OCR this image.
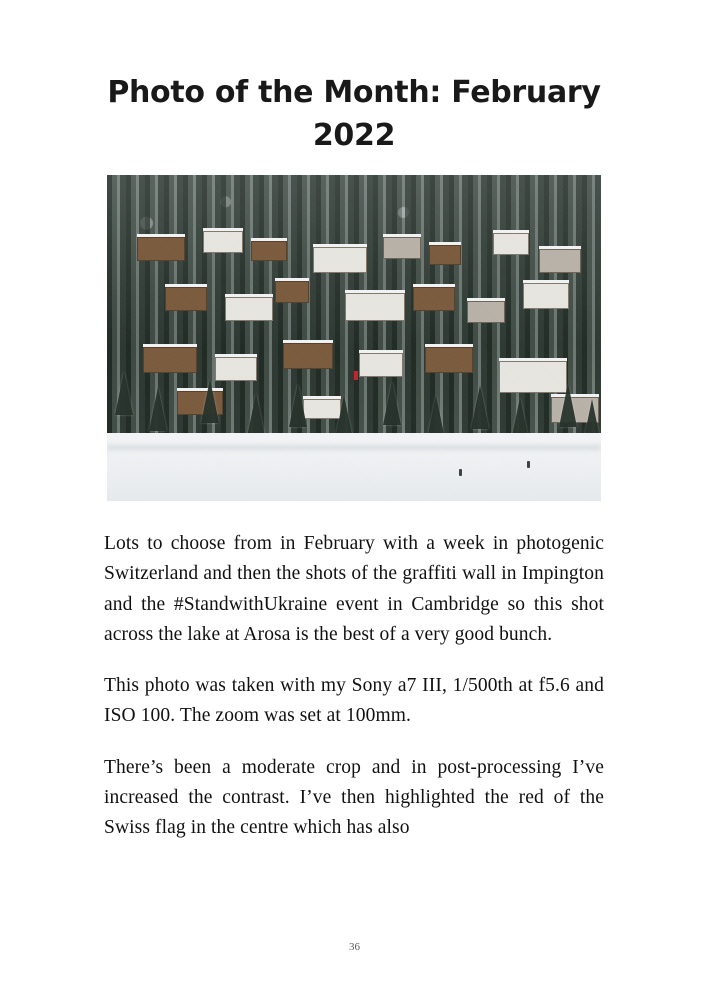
Photo of the Month: February 2022

Lots to choose from in February with a week in photogenic Switzerland and then the shots of the graffiti wall in Impington and the #StandwithUkraine event in Cambridge so this shot across the lake at Arosa is the best of a very good bunch.

This photo was taken with my Sony a7 III, 1/500th at f5.6 and ISO 100. The zoom was set at 100mm.

There’s been a moderate crop and in post-processing I’ve increased the contrast. I’ve then highlighted the red of the Swiss flag in the centre which has also

36
